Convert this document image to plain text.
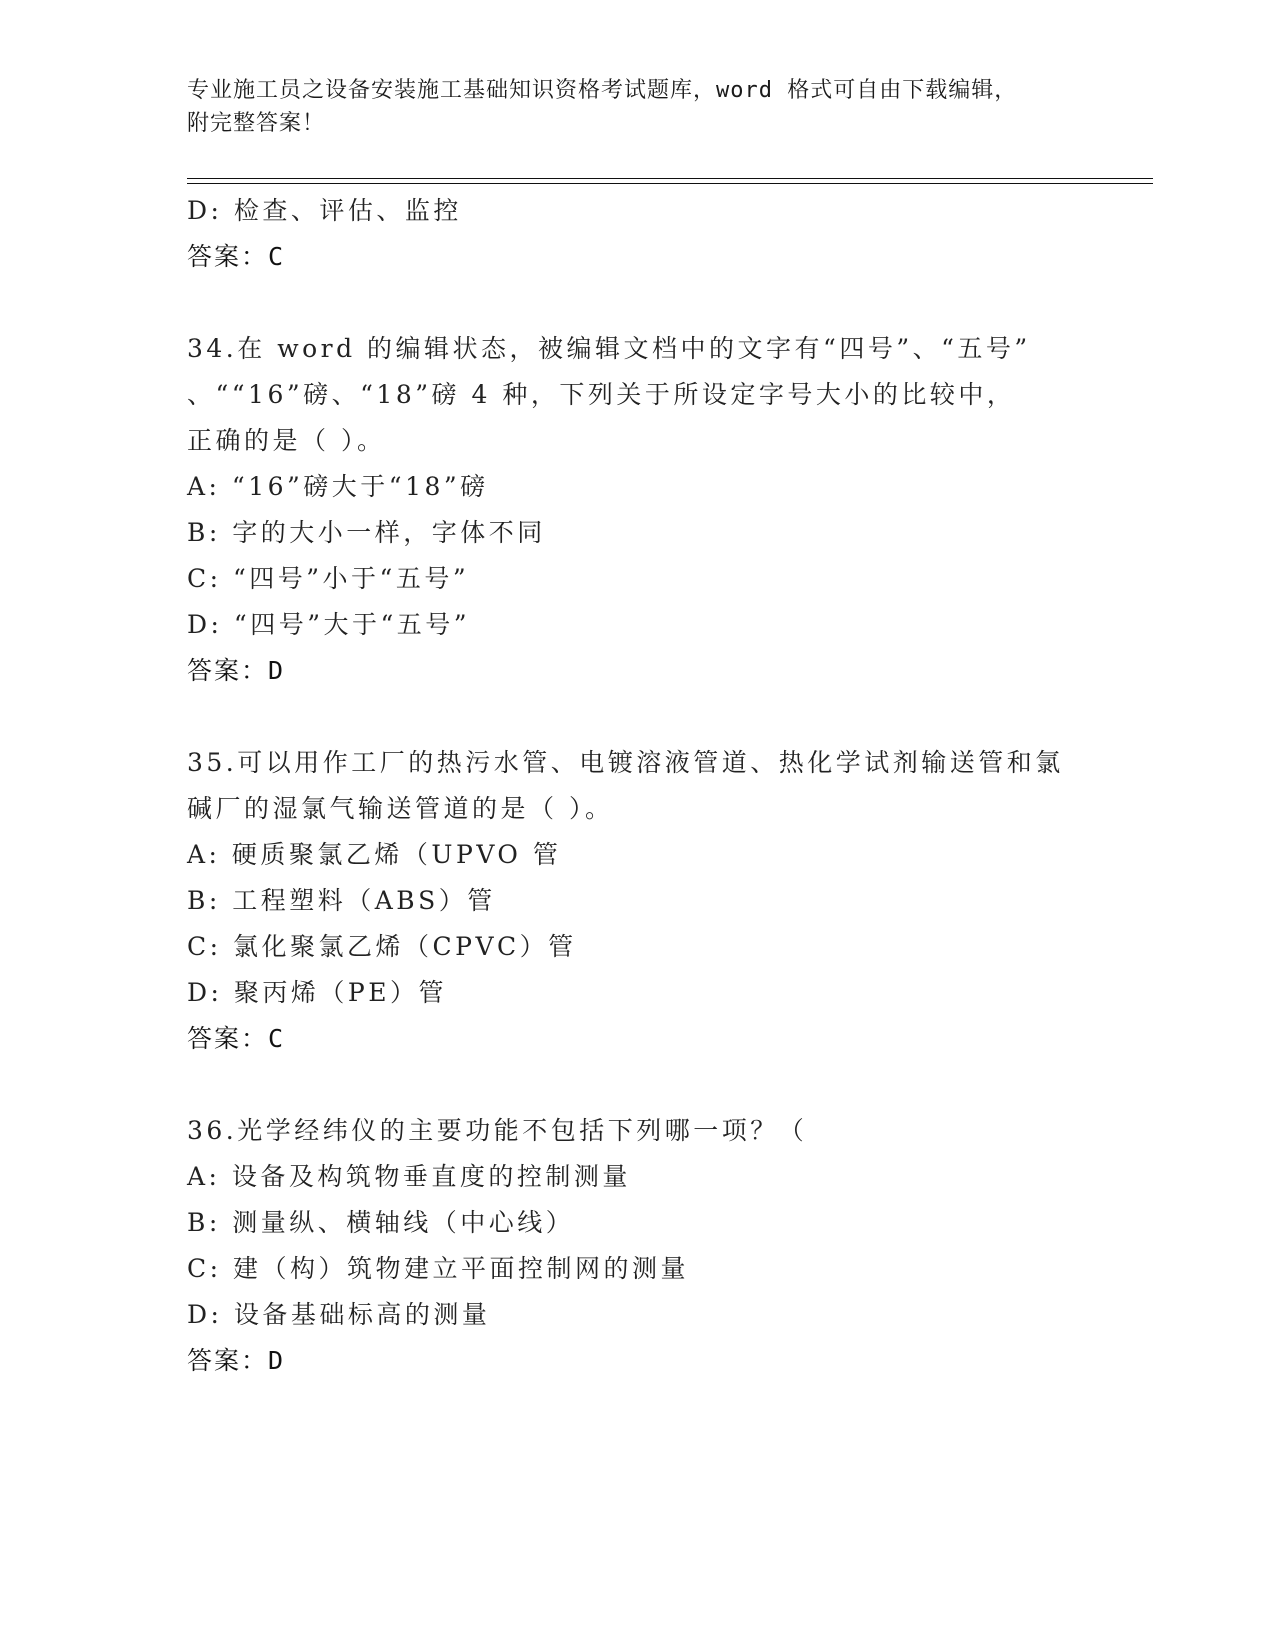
专业施工员之设备安装施工基础知识资格考试题库，word 格式可自由下载编辑，
附完整答案！
D: 检查、评估、监控
答案：C
34.在 word 的编辑状态，被编辑文档中的文字有“四号”、“五号”
、““16”磅、“18”磅 4 种，下列关于所设定字号大小的比较中，
正确的是（ ）。
A: “16”磅大于“18”磅
B: 字的大小一样，字体不同
C: “四号”小于“五号”
D: “四号”大于“五号”
答案：D
35.可以用作工厂的热污水管、电镀溶液管道、热化学试剂输送管和氯
碱厂的湿氯气输送管道的是（ ）。
A: 硬质聚氯乙烯（UPVO 管
B: 工程塑料（ABS）管
C: 氯化聚氯乙烯（CPVC）管
D: 聚丙烯（PE）管
答案：C
36.光学经纬仪的主要功能不包括下列哪一项？（
A: 设备及构筑物垂直度的控制测量
B: 测量纵、横轴线（中心线）
C: 建（构）筑物建立平面控制网的测量
D: 设备基础标高的测量
答案：D
